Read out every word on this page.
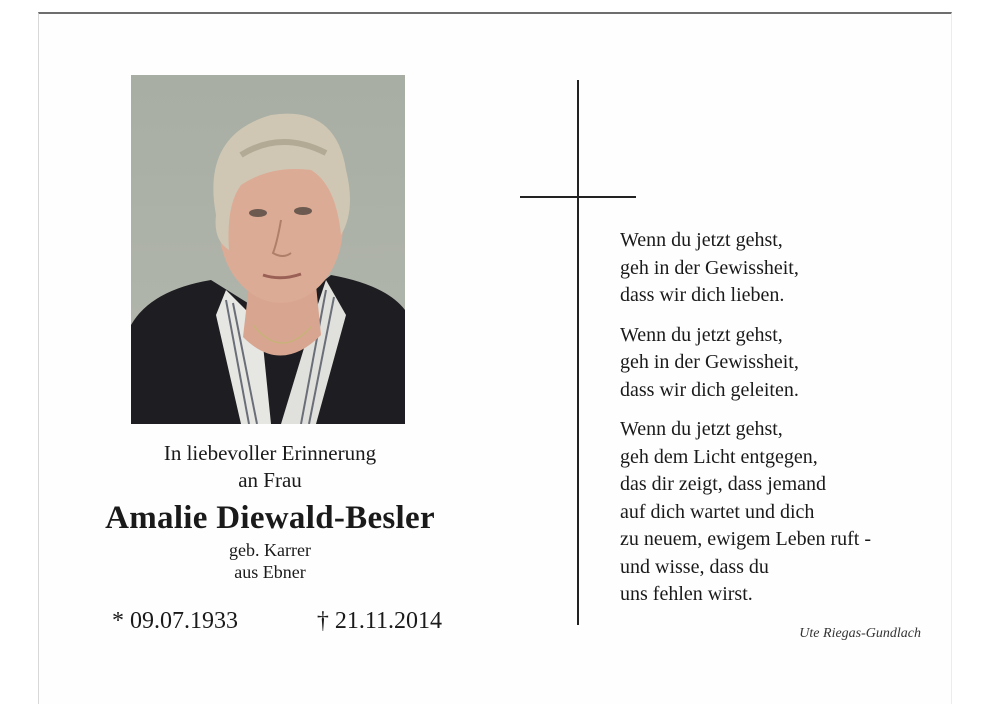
In liebevoller Erinnerung
an Frau
Amalie Diewald-Besler
geb. Karrer
aus Ebner
* 09.07.1933	† 21.11.2014
Wenn du jetzt gehst,
geh in der Gewissheit,
dass wir dich lieben.
Wenn du jetzt gehst,
geh in der Gewissheit,
dass wir dich geleiten.
Wenn du jetzt gehst,
geh dem Licht entgegen,
das dir zeigt, dass jemand
auf dich wartet und dich
zu neuem, ewigem Leben ruft -
und wisse, dass du
uns fehlen wirst.
Ute Riegas-Gundlach
